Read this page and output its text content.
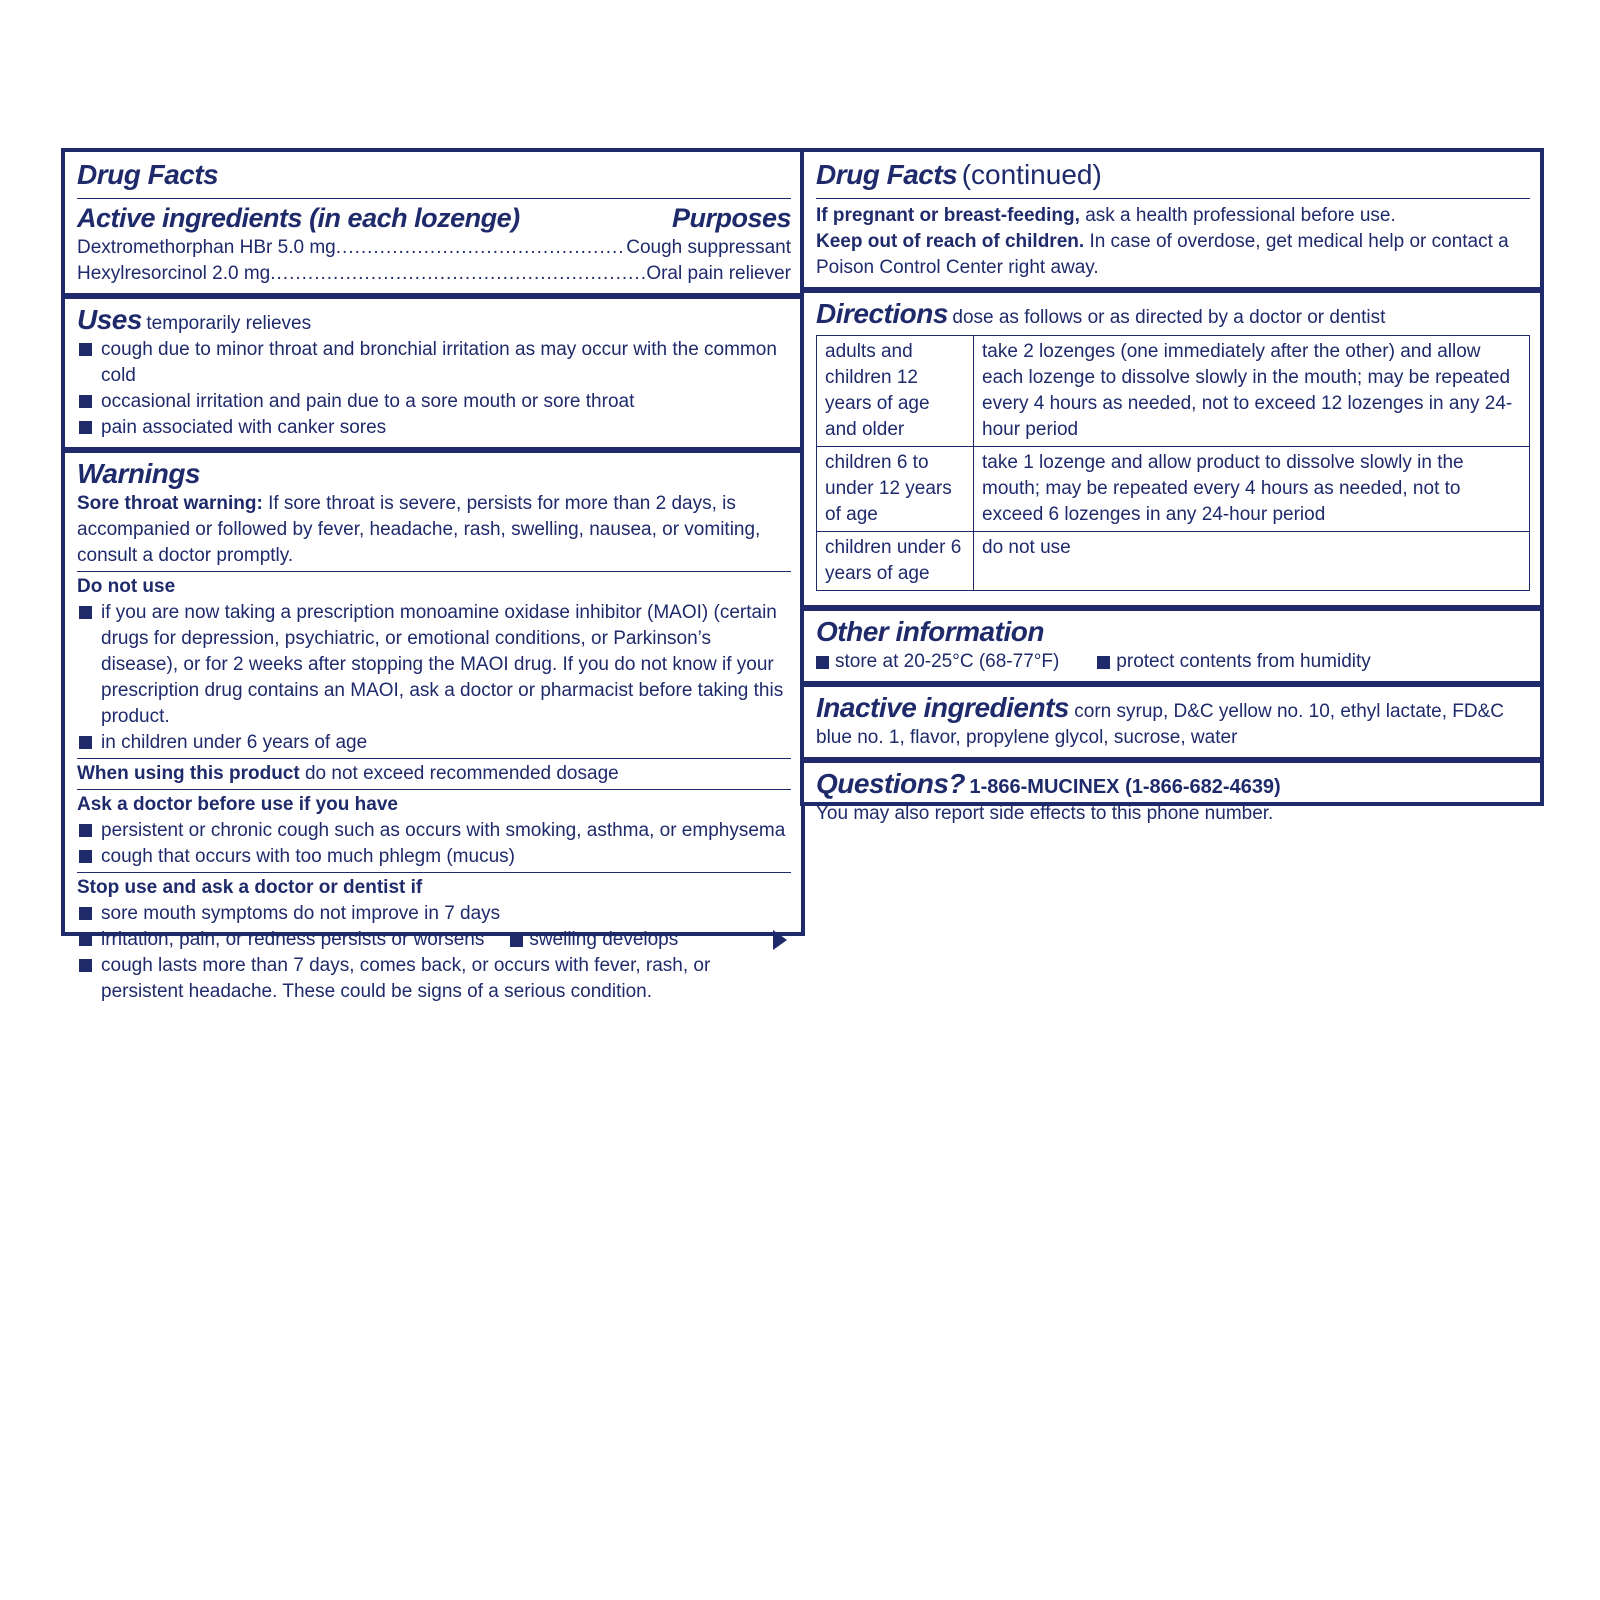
Drug Facts
Active ingredients (in each lozenge)	Purposes
Dextromethorphan HBr 5.0 mg .....	Cough suppressant
Hexylresorcinol 2.0 mg .....	Oral pain reliever
Uses temporarily relieves
cough due to minor throat and bronchial irritation as may occur with the common cold
occasional irritation and pain due to a sore mouth or sore throat
pain associated with canker sores
Warnings
Sore throat warning: If sore throat is severe, persists for more than 2 days, is accompanied or followed by fever, headache, rash, swelling, nausea, or vomiting, consult a doctor promptly.
Do not use
if you are now taking a prescription monoamine oxidase inhibitor (MAOI) (certain drugs for depression, psychiatric, or emotional conditions, or Parkinson’s disease), or for 2 weeks after stopping the MAOI drug. If you do not know if your prescription drug contains an MAOI, ask a doctor or pharmacist before taking this product.
in children under 6 years of age
When using this product do not exceed recommended dosage
Ask a doctor before use if you have
persistent or chronic cough such as occurs with smoking, asthma, or emphysema
cough that occurs with too much phlegm (mucus)
Stop use and ask a doctor or dentist if
sore mouth symptoms do not improve in 7 days
irritation, pain, or redness persists or worsens swelling develops
cough lasts more than 7 days, comes back, or occurs with fever, rash, or persistent headache. These could be signs of a serious condition.
Drug Facts (continued)
If pregnant or breast-feeding, ask a health professional before use.
Keep out of reach of children. In case of overdose, get medical help or contact a Poison Control Center right away.
Directions dose as follows or as directed by a doctor or dentist
adults and children 12 years of age and older	take 2 lozenges (one immediately after the other) and allow each lozenge to dissolve slowly in the mouth; may be repeated every 4 hours as needed, not to exceed 12 lozenges in any 24-hour period
children 6 to under 12 years of age	take 1 lozenge and allow product to dissolve slowly in the mouth; may be repeated every 4 hours as needed, not to exceed 6 lozenges in any 24-hour period
children under 6 years of age	do not use
Other information
store at 20-25°C (68-77°F)	protect contents from humidity
Inactive ingredients corn syrup, D&C yellow no. 10, ethyl lactate, FD&C blue no. 1, flavor, propylene glycol, sucrose, water
Questions? 1-866-MUCINEX (1-866-682-4639)
You may also report side effects to this phone number.
